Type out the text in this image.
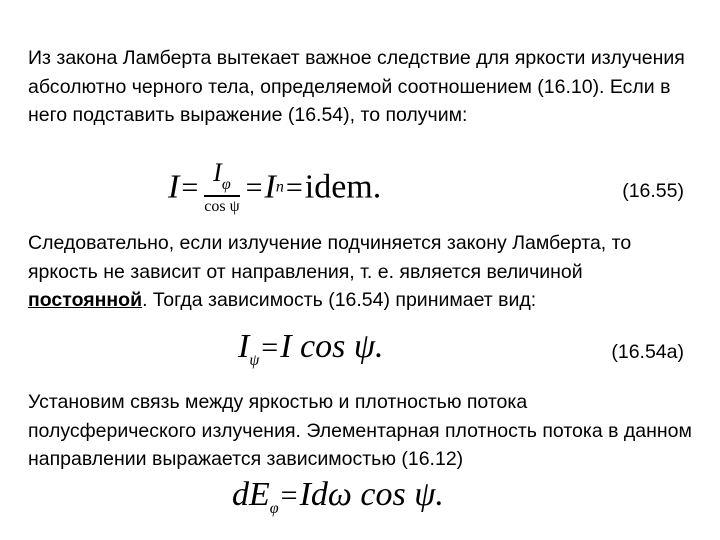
Из закона Ламберта вытекает важное следствие для яркости излучения абсолютно черного тела, определяемой соотношением (16.10). Если в него подставить выражение (16.54), то получим:

$I= \frac{I_\varphi}{\text{cos ψ}}$ =In=idem.	(16.55)

Следовательно, если излучение подчиняется закону Ламберта, то яркость не зависит от направления, т. е. является величиной постоянной. Тогда зависимость (16.54) принимает вид:

$I_\psi=I$ cos ψ.	(16.54а)

Установим связь между яркостью и плотностью потока полусферического излучения. Элементарная плотность потока в данном направлении выражается зависимостью (16.12)

$dE_\varphi=Id\omega$ cos ψ.
